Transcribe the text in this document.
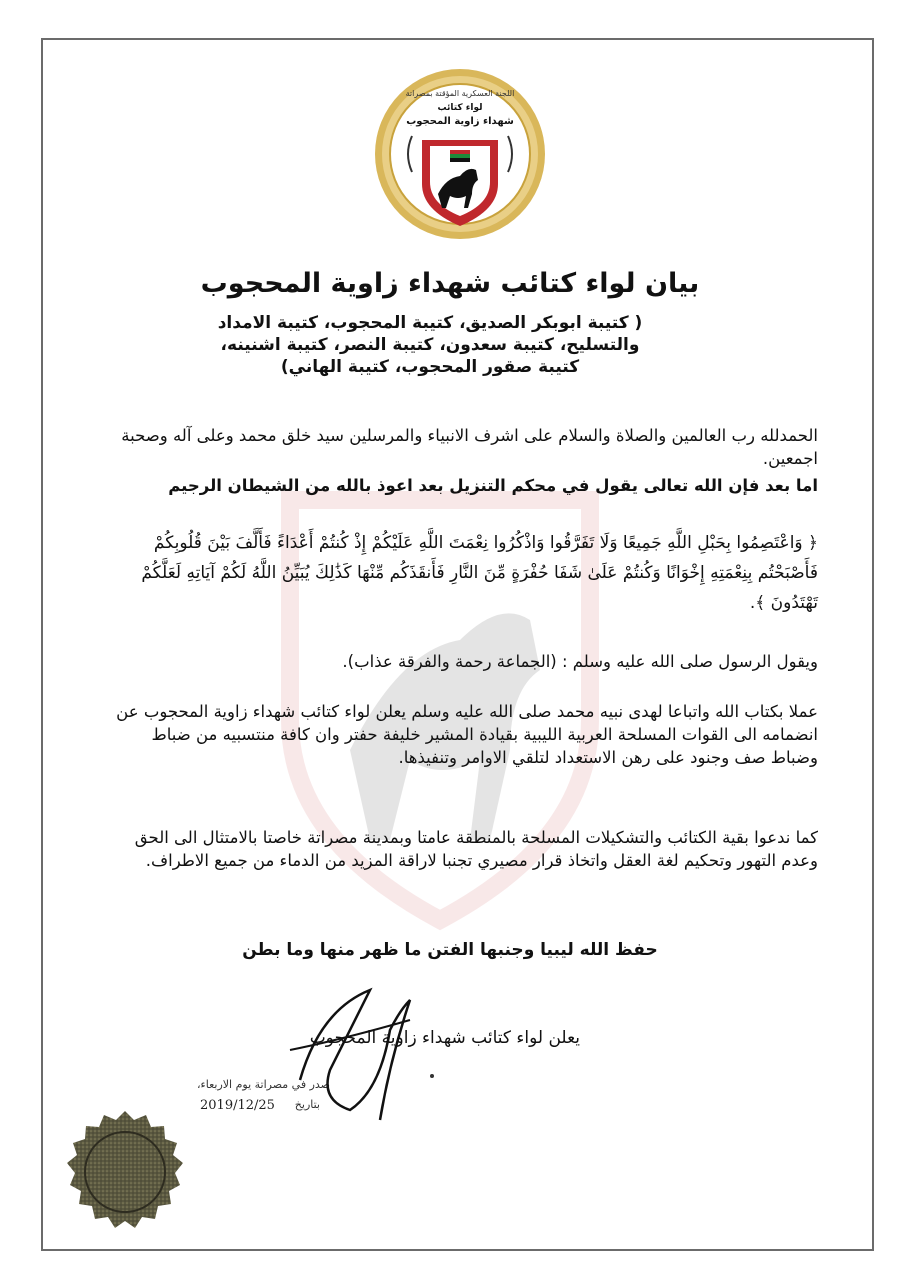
لواء كتائب
شهداء زاوية المحجوب
اللجنة العسكرية المؤقتة بمصراتة
بيان لواء كتائب شهداء زاوية المحجوب
( كتيبة ابوبكر الصديق، كتيبة المحجوب، كتيبة الامداد
والتسليح، كتيبة سعدون، كتيبة النصر، كتيبة اشنينه،
كتيبة صقور المحجوب، كتيبة الهاني)

الحمدلله رب العالمين والصلاة والسلام على اشرف الانبياء والمرسلين سيد خلق محمد وعلى آله وصحبة اجمعين.

اما بعد فإن الله تعالى يقول في محكم التنزيل بعد اعوذ بالله من الشيطان الرجيم

﴿ وَاعْتَصِمُوا بِحَبْلِ اللَّهِ جَمِيعًا وَلَا تَفَرَّقُوا وَاذْكُرُوا نِعْمَتَ اللَّهِ عَلَيْكُمْ إِذْ كُنتُمْ أَعْدَاءً فَأَلَّفَ بَيْنَ قُلُوبِكُمْ فَأَصْبَحْتُم بِنِعْمَتِهِ إِخْوَانًا وَكُنتُمْ عَلَىٰ شَفَا حُفْرَةٍ مِّنَ النَّارِ فَأَنقَذَكُم مِّنْهَا كَذَٰلِكَ يُبَيِّنُ اللَّهُ لَكُمْ آيَاتِهِ لَعَلَّكُمْ تَهْتَدُونَ ﴾.

ويقول الرسول صلى الله عليه وسلم : (الجماعة رحمة والفرقة عذاب).

عملا بكتاب الله واتباعا لهدى نبيه محمد صلى الله عليه وسلم يعلن لواء كتائب شهداء زاوية المحجوب عن انضمامه الى القوات المسلحة العربية الليبية بقيادة المشير خليفة حفتر وان كافة منتسبيه من ضباط وضباط صف وجنود على رهن الاستعداد لتلقي الاوامر وتنفيذها.

كما ندعوا بقية الكتائب والتشكيلات المسلحة بالمنطقة عامتا وبمدينة مصراتة خاصتا بالامتثال الى الحق وعدم التهور وتحكيم لغة العقل واتخاذ قرار مصيري تجنبا لاراقة المزيد من الدماء من جميع الاطراف.

حفظ الله ليبيا وجنبها الفتن ما ظهر منها وما بطن

يعلن لواء كتائب شهداء زاوية المحجوب

صدر في مصراتة يوم الاربعاء،

بتاريخ
2019/12/25
